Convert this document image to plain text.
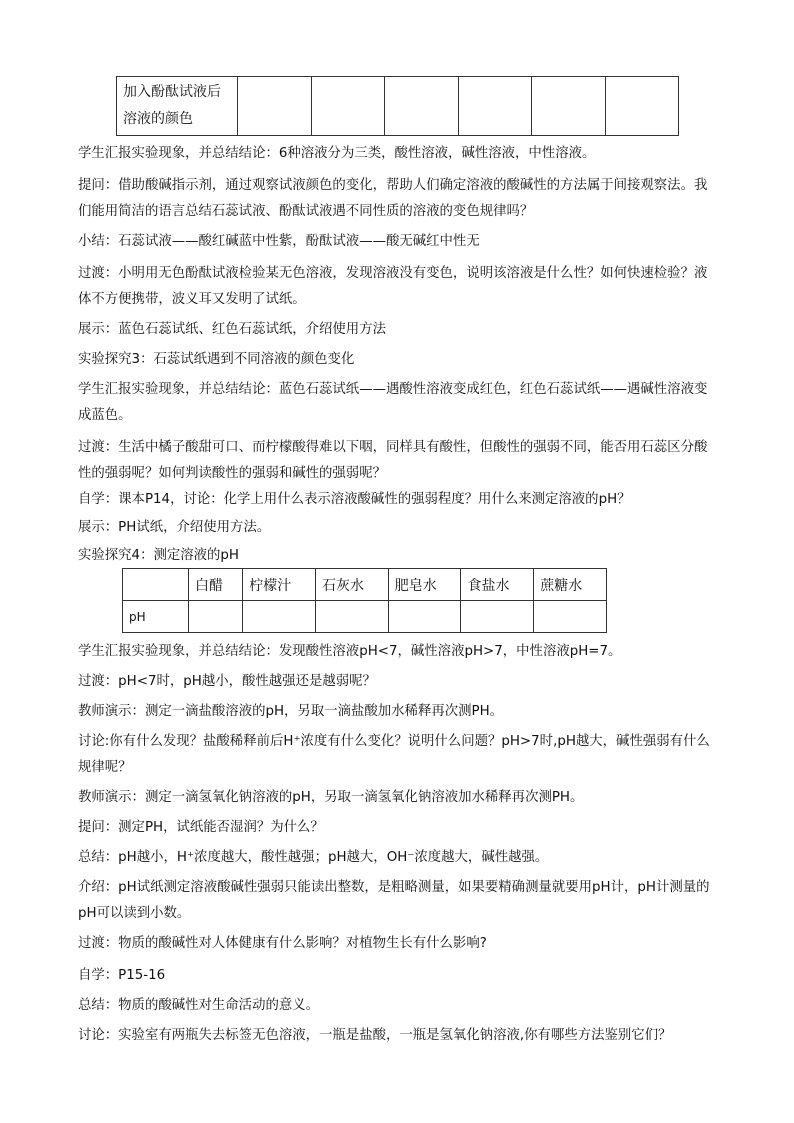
加入酚酞试液后
溶液的颜色						

学生汇报实验现象，并总结结论：6种溶液分为三类，酸性溶液，碱性溶液，中性溶液。

提问：借助酸碱指示剂，通过观察试液颜色的变化，帮助人们确定溶液的酸碱性的方法属于间接观察法。我们能用简洁的语言总结石蕊试液、酚酞试液遇不同性质的溶液的变色规律吗？

小结：石蕊试液——酸红碱蓝中性紫，酚酞试液——酸无碱红中性无

过渡：小明用无色酚酞试液检验某无色溶液，发现溶液没有变色，说明该溶液是什么性？如何快速检验？液体不方便携带，波义耳又发明了试纸。

展示：蓝色石蕊试纸、红色石蕊试纸，介绍使用方法

实验探究3：石蕊试纸遇到不同溶液的颜色变化

学生汇报实验现象，并总结结论：蓝色石蕊试纸——遇酸性溶液变成红色，红色石蕊试纸——遇碱性溶液变成蓝色。

过渡：生活中橘子酸甜可口、而柠檬酸得难以下咽，同样具有酸性，但酸性的强弱不同，能否用石蕊区分酸性的强弱呢？如何判读酸性的强弱和碱性的强弱呢？

自学：课本P14，讨论：化学上用什么表示溶液酸碱性的强弱程度？用什么来测定溶液的pH？

展示：PH试纸，介绍使用方法。

实验探究4：测定溶液的pH

	白醋	柠檬汁	石灰水	肥皂水	食盐水	蔗糖水
pH						

学生汇报实验现象，并总结结论：发现酸性溶液pH<7，碱性溶液pH>7，中性溶液pH=7。

过渡：pH<7时，pH越小，酸性越强还是越弱呢？

教师演示：测定一滴盐酸溶液的pH，另取一滴盐酸加水稀释再次测PH。

讨论:你有什么发现？盐酸稀释前后H⁺浓度有什么变化？说明什么问题？pH>7时,pH越大，碱性强弱有什么规律呢？

教师演示：测定一滴氢氧化钠溶液的pH，另取一滴氢氧化钠溶液加水稀释再次测PH。

提问：测定PH，试纸能否湿润？为什么？

总结：pH越小，H⁺浓度越大，酸性越强；pH越大，OH⁻浓度越大，碱性越强。

介绍：pH试纸测定溶液酸碱性强弱只能读出整数，是粗略测量，如果要精确测量就要用pH计，pH计测量的pH可以读到小数。

过渡：物质的酸碱性对人体健康有什么影响？对植物生长有什么影响?

自学：P15-16

总结：物质的酸碱性对生命活动的意义。

讨论：实验室有两瓶失去标签无色溶液，一瓶是盐酸，一瓶是氢氧化钠溶液,你有哪些方法鉴别它们？
